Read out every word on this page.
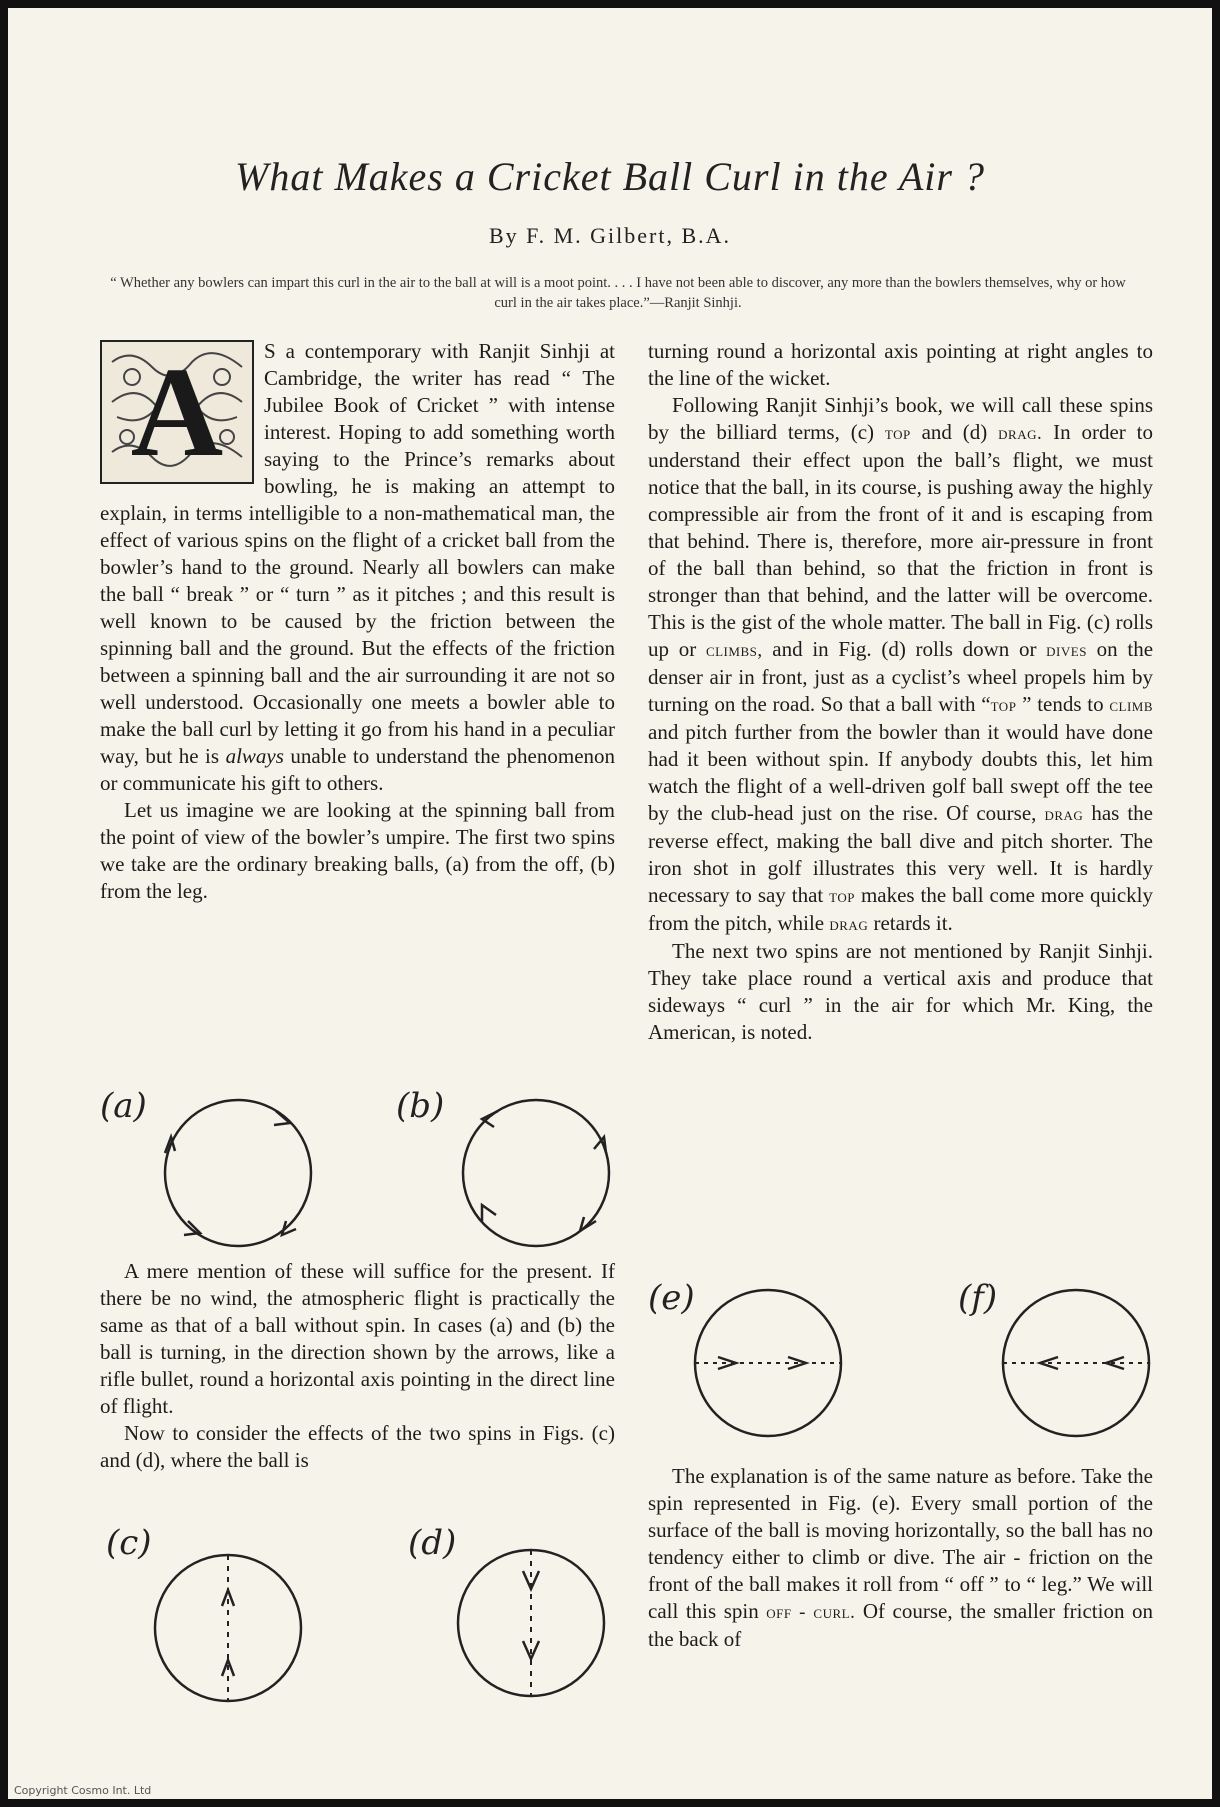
What Makes a Cricket Ball Curl in the Air ?
By F. M. Gilbert, B.A.
“ Whether any bowlers can impart this curl in the air to the ball at will is a moot point. . . . I have not been able to discover, any more than the bowlers themselves, why or how curl in the air takes place.”—Ranjit Sinhji.
A	S a contemporary with Ranjit Sinhji at Cambridge, the writer has read “ The Jubilee Book of Cricket ” with intense interest. Hoping to add something worth saying to the Prince’s remarks about bowling, he is making an attempt to explain, in terms intelligible to a non-mathematical man, the effect of various spins on the flight of a cricket ball from the bowler’s hand to the ground. Nearly all bowlers can make the ball “ break ” or “ turn ” as it pitches ; and this result is well known to be caused by the friction between the spinning ball and the ground. But the effects of the friction between a spinning ball and the air surrounding it are not so well understood. Occasionally one meets a bowler able to make the ball curl by letting it go from his hand in a peculiar way, but he is always unable to understand the phenomenon or communicate his gift to others.

Let us imagine we are looking at the spinning ball from the point of view of the bowler’s umpire. The first two spins we take are the ordinary breaking balls, (a) from the off, (b) from the leg.

(a)	(b)

A mere mention of these will suffice for the present. If there be no wind, the atmospheric flight is practically the same as that of a ball without spin. In cases (a) and (b) the ball is turning, in the direction shown by the arrows, like a rifle bullet, round a horizontal axis pointing in the direct line of flight.

Now to consider the effects of the two spins in Figs. (c) and (d), where the ball is

(c)	(d)

turning round a horizontal axis pointing at right angles to the line of the wicket.

Following Ranjit Sinhji’s book, we will call these spins by the billiard terms, (c) top and (d) drag. In order to understand their effect upon the ball’s flight, we must notice that the ball, in its course, is pushing away the highly compressible air from the front of it and is escaping from that behind. There is, therefore, more air-pressure in front of the ball than behind, so that the friction in front is stronger than that behind, and the latter will be overcome. This is the gist of the whole matter. The ball in Fig. (c) rolls up or climbs, and in Fig. (d) rolls down or dives on the denser air in front, just as a cyclist’s wheel propels him by turning on the road. So that a ball with “top ” tends to climb and pitch further from the bowler than it would have done had it been without spin. If anybody doubts this, let him watch the flight of a well-driven golf ball swept off the tee by the club-head just on the rise. Of course, drag has the reverse effect, making the ball dive and pitch shorter. The iron shot in golf illustrates this very well. It is hardly necessary to say that top makes the ball come more quickly from the pitch, while drag retards it.

The next two spins are not mentioned by Ranjit Sinhji. They take place round a vertical axis and produce that sideways “ curl ” in the air for which Mr. King, the American, is noted.

(e)	(f)

The explanation is of the same nature as before. Take the spin represented in Fig. (e). Every small portion of the surface of the ball is moving horizontally, so the ball has no tendency either to climb or dive. The air - friction on the front of the ball makes it roll from “ off ” to “ leg.” We will call this spin off - curl. Of course, the smaller friction on the back of

Copyright Cosmo Int. Ltd
